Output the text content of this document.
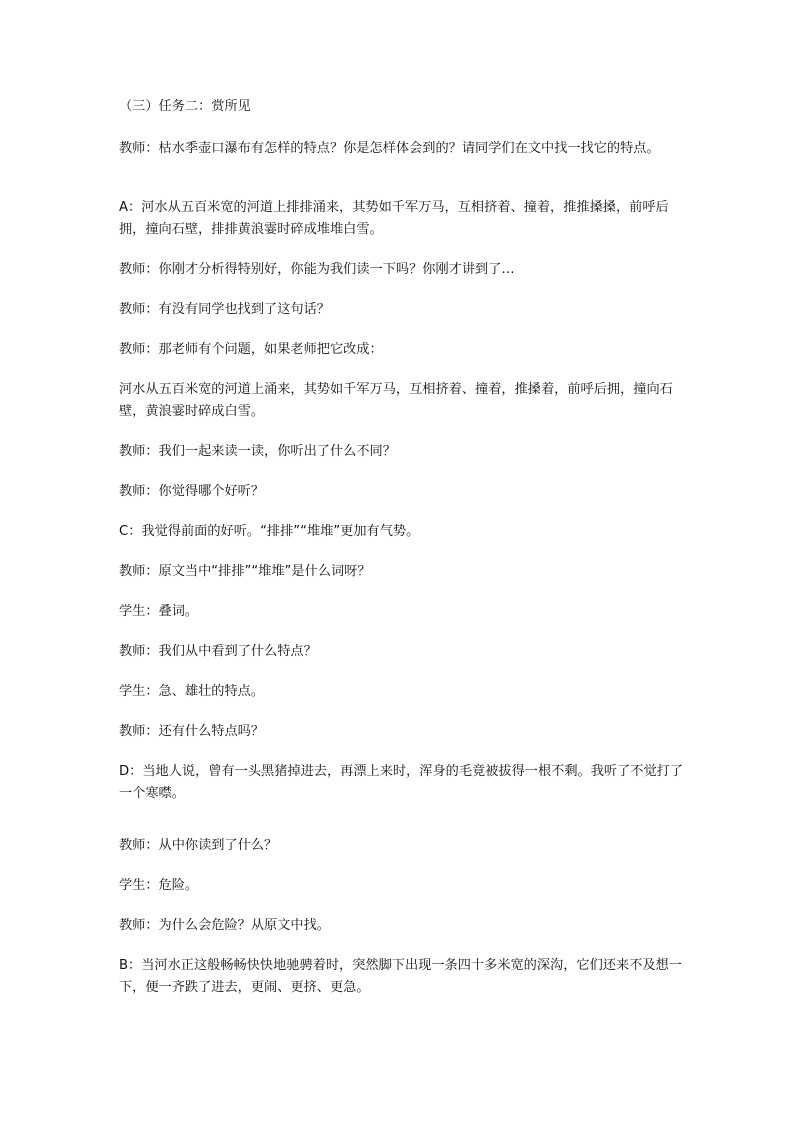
（三）任务二：赏所见

教师：枯水季壶口瀑布有怎样的特点？你是怎样体会到的？请同学们在文中找一找它的特点。

A：河水从五百米宽的河道上排排涌来，其势如千军万马，互相挤着、撞着，推推搡搡，前呼后拥，撞向石壁，排排黄浪霎时碎成堆堆白雪。

教师：你刚才分析得特别好，你能为我们读一下吗？你刚才讲到了…

教师：有没有同学也找到了这句话？

教师：那老师有个问题，如果老师把它改成：

河水从五百米宽的河道上涌来，其势如千军万马，互相挤着、撞着，推搡着，前呼后拥，撞向石壁，黄浪霎时碎成白雪。

教师：我们一起来读一读，你听出了什么不同？

教师：你觉得哪个好听？

C：我觉得前面的好听。“排排”“堆堆”更加有气势。

教师：原文当中“排排”“堆堆”是什么词呀？

学生：叠词。

教师：我们从中看到了什么特点？

学生：急、雄壮的特点。

教师：还有什么特点吗？

D：当地人说，曾有一头黑猪掉进去，再漂上来时，浑身的毛竟被拔得一根不剩。我听了不觉打了一个寒噤。

教师：从中你读到了什么？

学生：危险。

教师：为什么会危险？从原文中找。

B：当河水正这般畅畅快快地驰骋着时，突然脚下出现一条四十多米宽的深沟，它们还来不及想一下，便一齐跌了进去，更闹、更挤、更急。
